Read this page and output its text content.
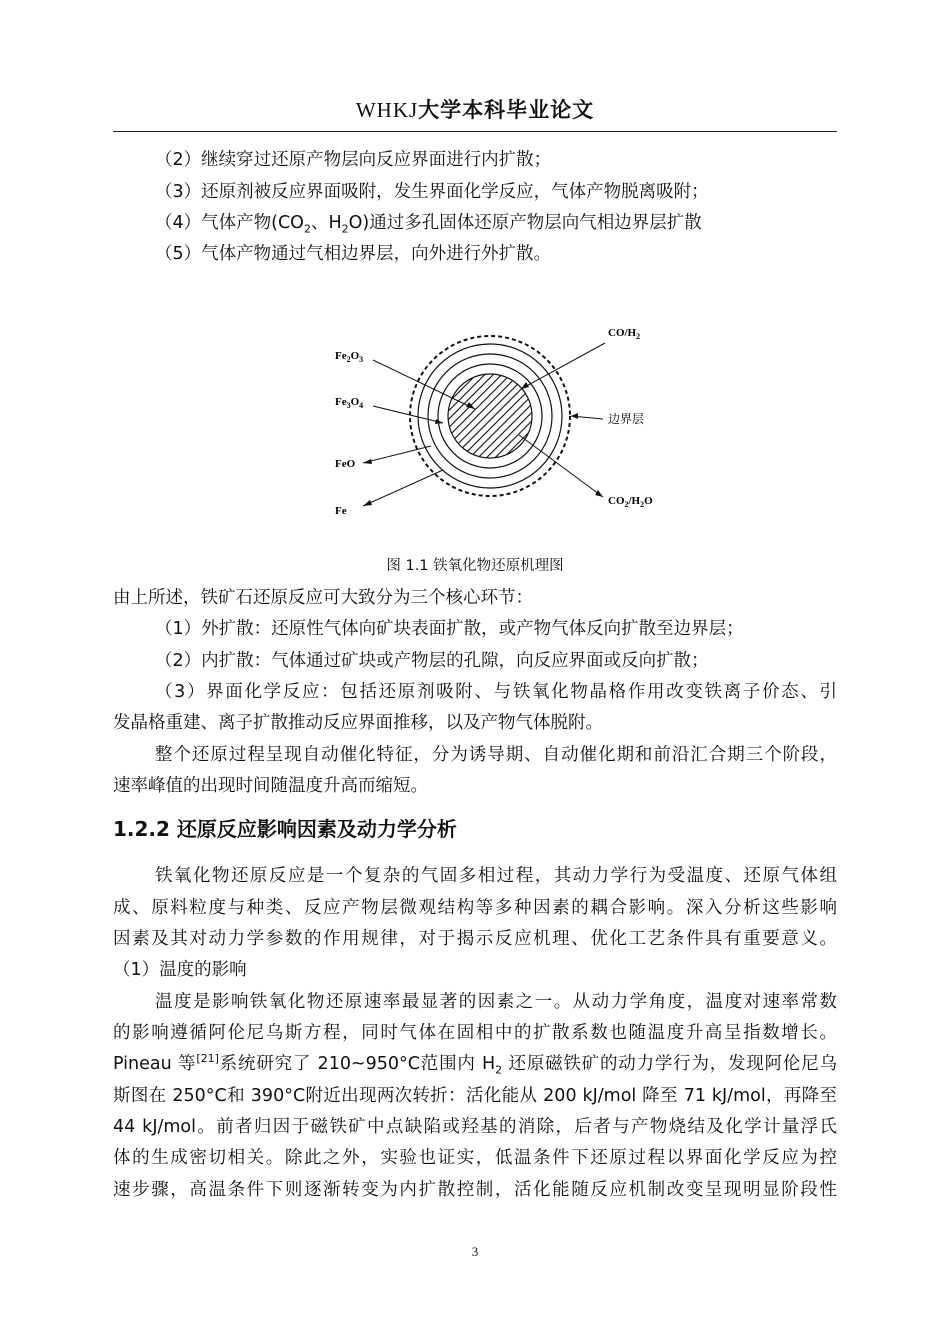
WHKJ大学本科毕业论文
（2）继续穿过还原产物层向反应界面进行内扩散；
（3）还原剂被反应界面吸附，发生界面化学反应，气体产物脱离吸附；
（4）气体产物($CO_2$、$H_2O$)通过多孔固体还原产物层向气相边界层扩散
（5）气体产物通过气相边界层，向外进行外扩散。
$Fe_2O_3$
$Fe_3O_4$
FeO
Fe
$CO/H_2$
边界层
$CO_2/H_2O$
图 1.1 铁氧化物还原机理图
由上所述，铁矿石还原反应可大致分为三个核心环节：
（1）外扩散：还原性气体向矿块表面扩散，或产物气体反向扩散至边界层；
（2）内扩散：气体通过矿块或产物层的孔隙，向反应界面或反向扩散；
（3）界面化学反应：包括还原剂吸附、与铁氧化物晶格作用改变铁离子价态、引
发晶格重建、离子扩散推动反应界面推移，以及产物气体脱附。
整个还原过程呈现自动催化特征，分为诱导期、自动催化期和前沿汇合期三个阶段，
速率峰值的出现时间随温度升高而缩短。
1.2.2 还原反应影响因素及动力学分析
铁氧化物还原反应是一个复杂的气固多相过程，其动力学行为受温度、还原气体组
成、原料粒度与种类、反应产物层微观结构等多种因素的耦合影响。深入分析这些影响
因素及其对动力学参数的作用规律，对于揭示反应机理、优化工艺条件具有重要意义。
（1）温度的影响
温度是影响铁氧化物还原速率最显著的因素之一。从动力学角度，温度对速率常数
的影响遵循阿伦尼乌斯方程，同时气体在固相中的扩散系数也随温度升高呈指数增长。
Pineau 等[21]系统研究了 210~950°C范围内 $H_2$ 还原磁铁矿的动力学行为，发现阿伦尼乌
斯图在 250°C和 390°C附近出现两次转折：活化能从 200 kJ/mol 降至 71 kJ/mol，再降至
44 kJ/mol。前者归因于磁铁矿中点缺陷或羟基的消除，后者与产物烧结及化学计量浮氏
体的生成密切相关。除此之外，实验也证实，低温条件下还原过程以界面化学反应为控
速步骤，高温条件下则逐渐转变为内扩散控制，活化能随反应机制改变呈现明显阶段性
3
